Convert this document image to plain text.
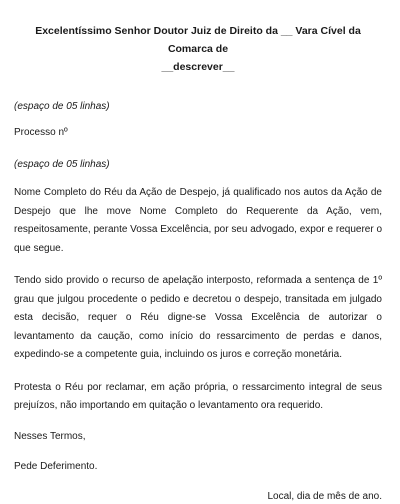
Excelentíssimo Senhor Doutor Juiz de Direito da __ Vara Cível da Comarca de
__descrever__

(espaço de 05 linhas)

Processo nº

(espaço de 05 linhas)

Nome Completo do Réu da Ação de Despejo, já qualificado nos autos da Ação de Despejo que lhe move Nome Completo do Requerente da Ação, vem, respeitosamente, perante Vossa Excelência, por seu advogado, expor e requerer o que segue.

Tendo sido provido o recurso de apelação interposto, reformada a sentença de 1º grau que julgou procedente o pedido e decretou o despejo, transitada em julgado esta decisão, requer o Réu digne-se Vossa Excelência de autorizar o levantamento da caução, como início do ressarcimento de perdas e danos, expedindo-se a competente guia, incluindo os juros e correção monetária.

Protesta o Réu por reclamar, em ação própria, o ressarcimento integral de seus prejuízos, não importando em quitação o levantamento ora requerido.

Nesses Termos,

Pede Deferimento.

Local, dia de mês de ano.
